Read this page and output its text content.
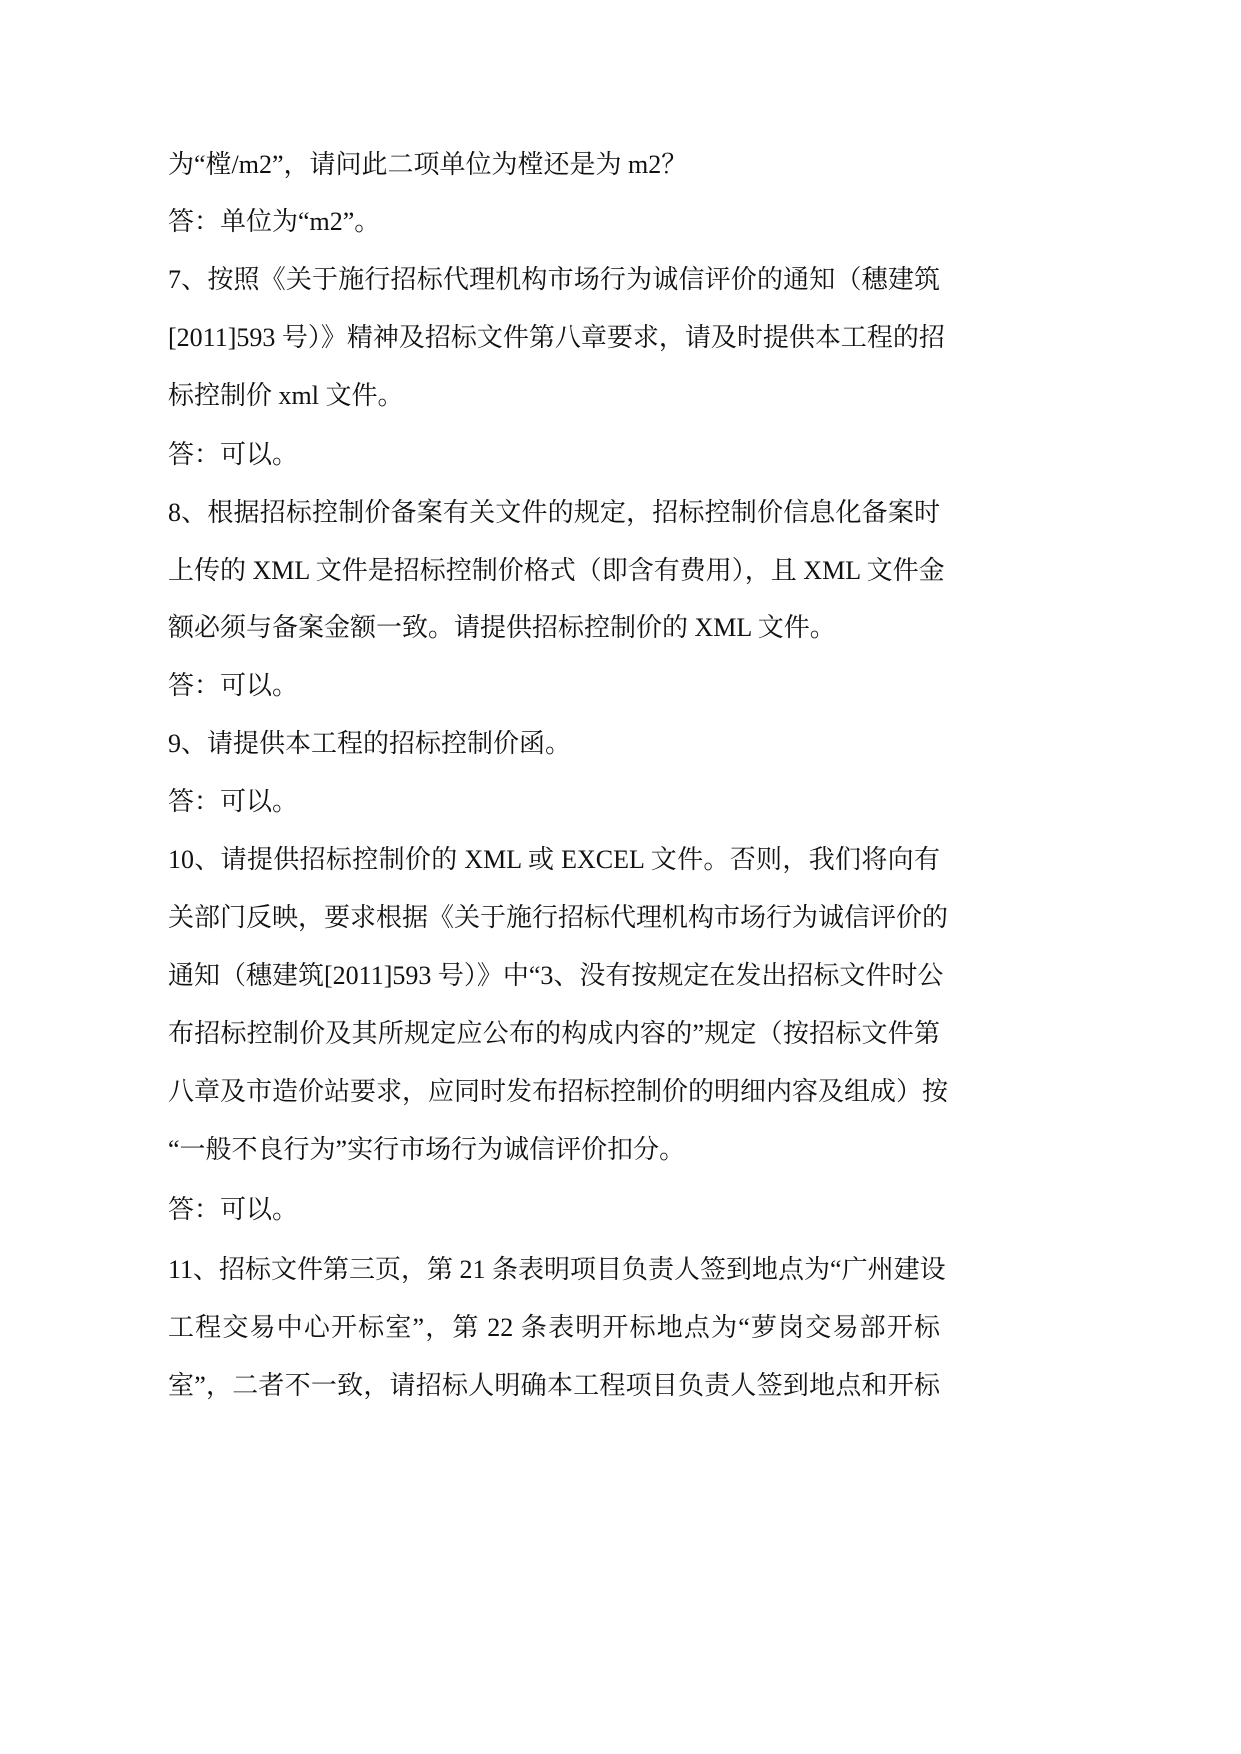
为“樘/m2”，请问此二项单位为樘还是为 m2？
答：单位为“m2”。
7、按照《关于施行招标代理机构市场行为诚信评价的通知（穗建筑
[2011]593 号）》精神及招标文件第八章要求，请及时提供本工程的招
标控制价 xml 文件。
答：可以。
8、根据招标控制价备案有关文件的规定，招标控制价信息化备案时
上传的 XML 文件是招标控制价格式（即含有费用），且 XML 文件金
额必须与备案金额一致。请提供招标控制价的 XML 文件。
答：可以。
9、请提供本工程的招标控制价函。
答：可以。
10、请提供招标控制价的 XML 或 EXCEL 文件。否则，我们将向有
关部门反映，要求根据《关于施行招标代理机构市场行为诚信评价的
通知（穗建筑[2011]593 号）》中“3、没有按规定在发出招标文件时公
布招标控制价及其所规定应公布的构成内容的”规定（按招标文件第
八章及市造价站要求，应同时发布招标控制价的明细内容及组成）按
“一般不良行为”实行市场行为诚信评价扣分。
答：可以。
11、招标文件第三页，第 21 条表明项目负责人签到地点为“广州建设
工程交易中心开标室”，第 22 条表明开标地点为“萝岗交易部开标
室”，二者不一致，请招标人明确本工程项目负责人签到地点和开标
